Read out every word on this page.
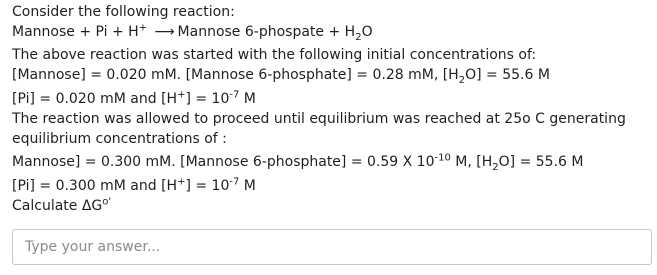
Consider the following reaction:
Mannose + Pi + H+ ⟶ Mannose 6-phospate + $H_2O$
The above reaction was started with the following initial concentrations of:
[Mannose] = 0.020 mM. [Mannose 6-phosphate] = 0.28 mM, $[H_2O] = 55.6$ M
[Pi] = 0.020 mM and $[H^+] = 10^{-7}$ M
The reaction was allowed to proceed until equilibrium was reached at 25o C generating equilibrium concentrations of :
Mannose] = 0.300 mM. [Mannose 6-phosphate] = 0.59 X $10^{-10}$ M, $[H_2O] = 55.6$ M
[Pi] = 0.300 mM and $[H^+] = 10^{-7}$ M
Calculate $\Delta G^{o'}$
Type your answer...
